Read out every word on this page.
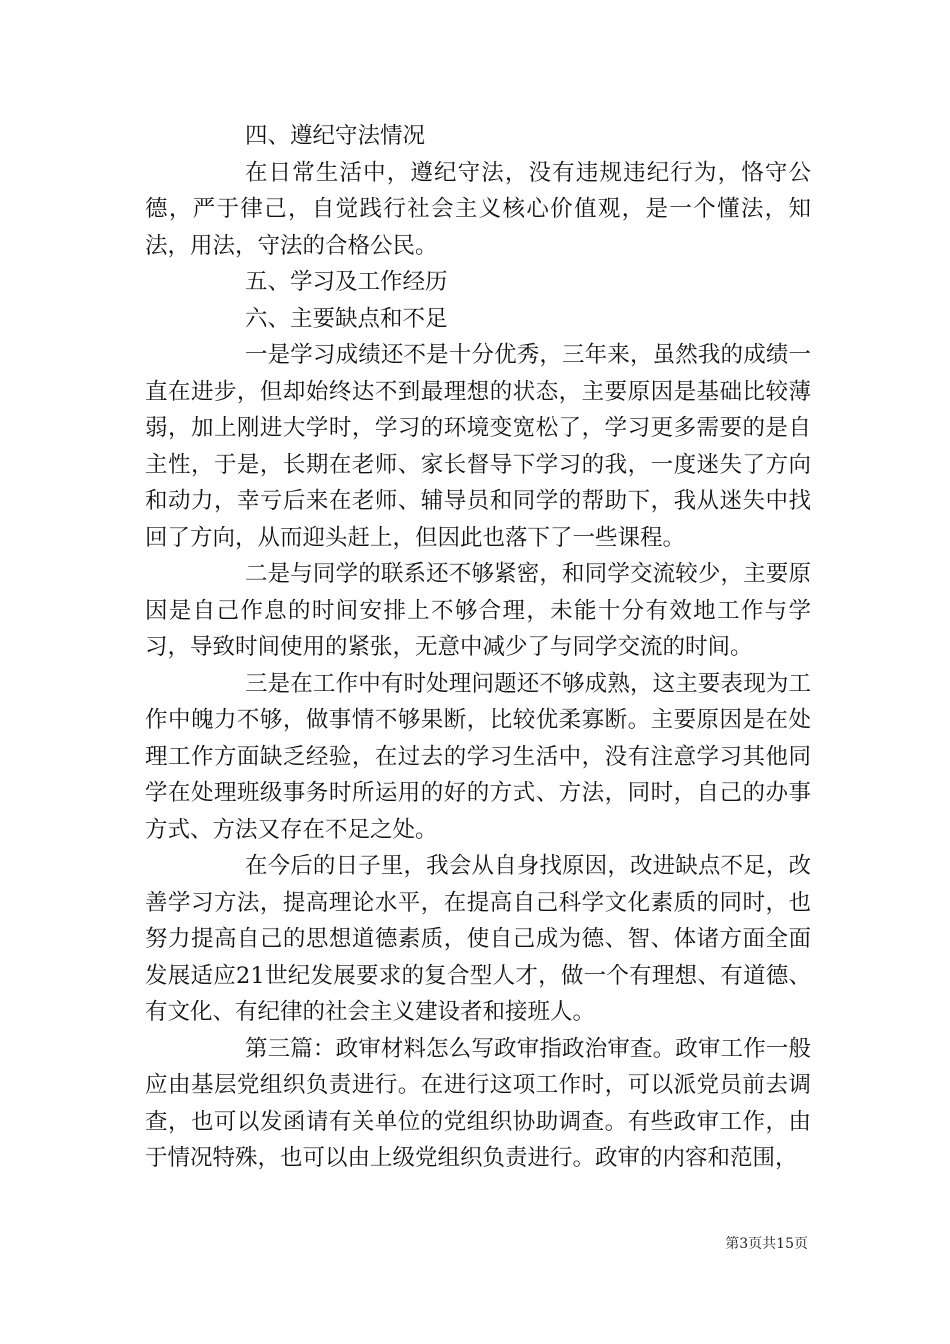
四、遵纪守法情况

在日常生活中，遵纪守法，没有违规违纪行为，恪守公德，严于律己，自觉践行社会主义核心价值观，是一个懂法，知法，用法，守法的合格公民。

五、学习及工作经历

六、主要缺点和不足

一是学习成绩还不是十分优秀，三年来，虽然我的成绩一直在进步，但却始终达不到最理想的状态，主要原因是基础比较薄弱，加上刚进大学时，学习的环境变宽松了，学习更多需要的是自主性，于是，长期在老师、家长督导下学习的我，一度迷失了方向和动力，幸亏后来在老师、辅导员和同学的帮助下，我从迷失中找回了方向，从而迎头赶上，但因此也落下了一些课程。

二是与同学的联系还不够紧密，和同学交流较少，主要原因是自己作息的时间安排上不够合理，未能十分有效地工作与学习，导致时间使用的紧张，无意中减少了与同学交流的时间。

三是在工作中有时处理问题还不够成熟，这主要表现为工作中魄力不够，做事情不够果断，比较优柔寡断。主要原因是在处理工作方面缺乏经验，在过去的学习生活中，没有注意学习其他同学在处理班级事务时所运用的好的方式、方法，同时，自己的办事方式、方法又存在不足之处。

在今后的日子里，我会从自身找原因，改进缺点不足，改善学习方法，提高理论水平，在提高自己科学文化素质的同时，也努力提高自己的思想道德素质，使自己成为德、智、体诸方面全面发展适应21世纪发展要求的复合型人才，做一个有理想、有道德、有文化、有纪律的社会主义建设者和接班人。

第三篇：政审材料怎么写政审指政治审查。政审工作一般应由基层党组织负责进行。在进行这项工作时，可以派党员前去调查，也可以发函请有关单位的党组织协助调查。有些政审工作，由于情况特殊，也可以由上级党组织负责进行。政审的内容和范围，

第3页共15页
